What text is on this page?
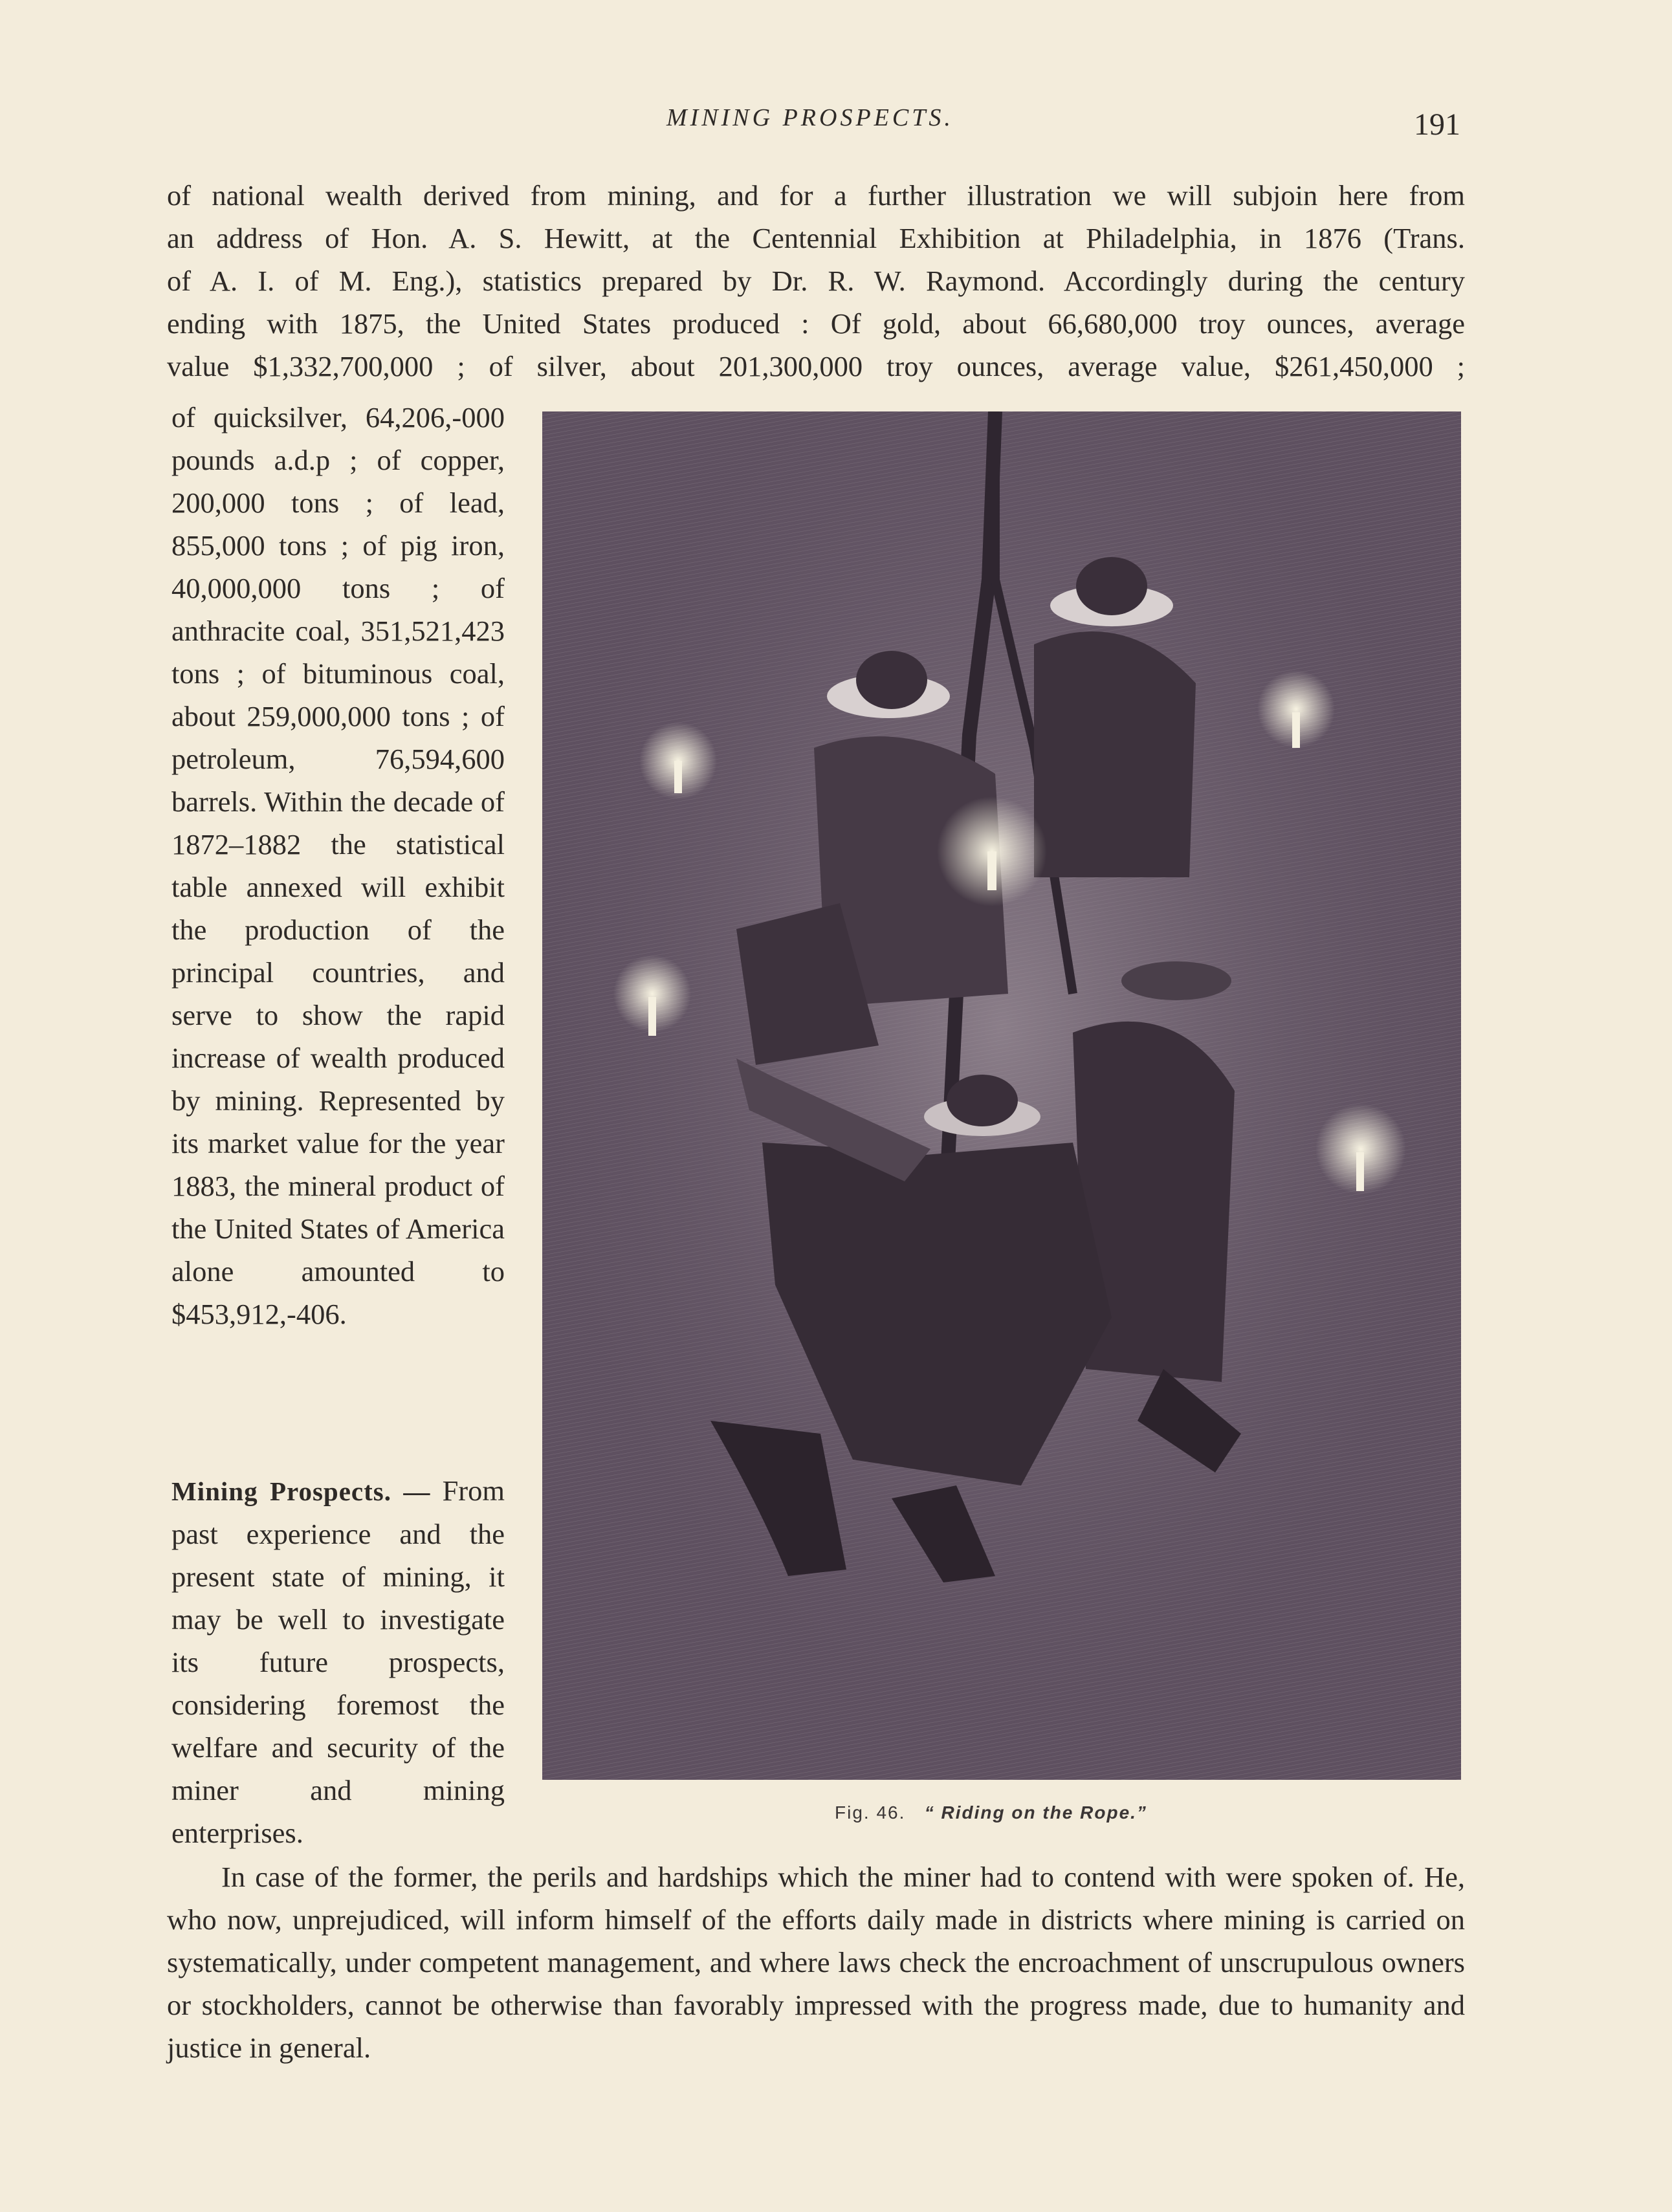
MINING PROSPECTS.	191
of national wealth derived from mining, and for a further illustration we will subjoin here from
an address of Hon. A. S. Hewitt, at the Centennial Exhibition at Philadelphia, in 1876 (Trans.
of A. I. of M. Eng.), statistics prepared by Dr. R. W. Raymond. Accordingly during the century
ending with 1875, the United States produced : Of gold, about 66,680,000 troy ounces, average
value $1,332,700,000 ; of silver, about 201,300,000 troy ounces, average value, $261,450,000 ;

of quicksilver, 64,206,-000 pounds a.d.p ; of copper, 200,000 tons ; of lead, 855,000 tons ; of pig iron, 40,000,000 tons ; of anthracite coal, 351,521,423 tons ; of bituminous coal, about 259,000,000 tons ; of petroleum, 76,594,600 barrels. Within the decade of 1872–1882 the statistical table annexed will exhibit the production of the principal countries, and serve to show the rapid increase of wealth produced by mining. Represented by its market value for the year 1883, the mineral product of the United States of America alone amounted to $453,912,-406.

Mining Prospects. — From past experience and the present state of mining, it may be well to investigate its future prospects, considering foremost the welfare and security of the miner and mining enterprises.

Fig. 46. “ Riding on the Rope.”

In case of the former, the perils and hardships which the miner had to contend with were spoken of. He, who now, unprejudiced, will inform himself of the efforts daily made in districts where mining is carried on systematically, under competent management, and where laws check the encroachment of unscrupulous owners or stockholders, cannot be otherwise than favorably impressed with the progress made, due to humanity and justice in general.
